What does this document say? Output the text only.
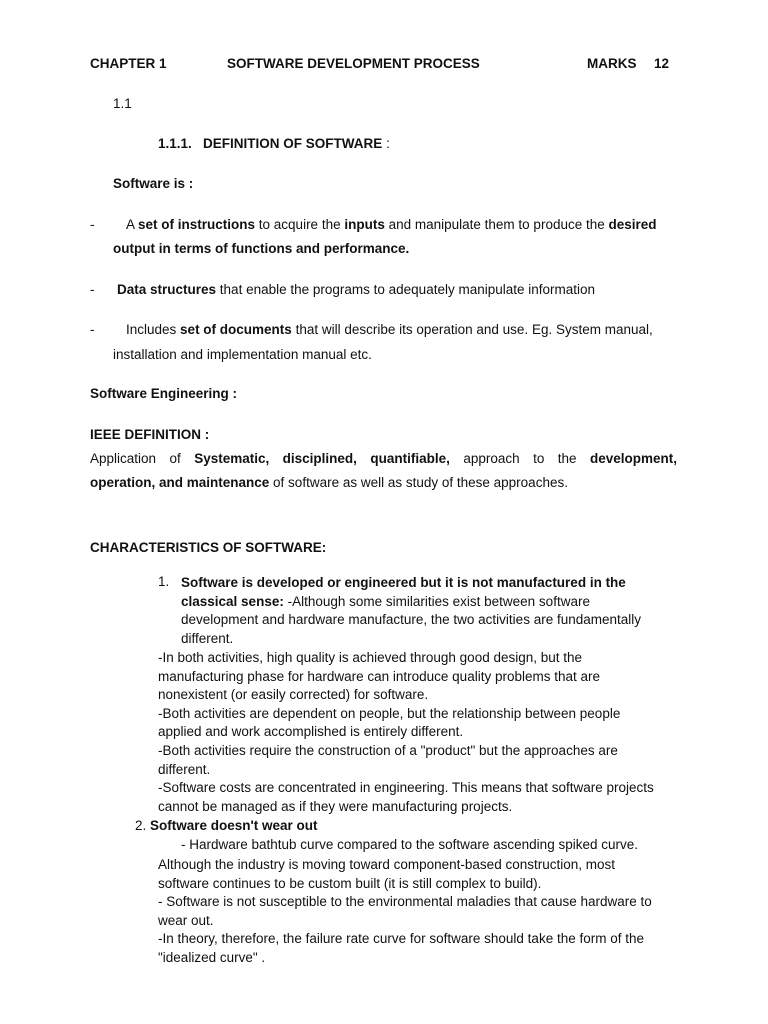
CHAPTER 1	SOFTWARE DEVELOPMENT PROCESS	MARKS 12
1.1
1.1.1. DEFINITION OF SOFTWARE :
Software is :
- A set of instructions to acquire the inputs and manipulate them to produce the desired
output in terms of functions and performance.
- Data structures that enable the programs to adequately manipulate information
- Includes set of documents that will describe its operation and use. Eg. System manual,
installation and implementation manual etc.
Software Engineering :
IEEE DEFINITION :
Application of Systematic, disciplined, quantifiable, approach to the development,
operation, and maintenance of software as well as study of these approaches.
CHARACTERISTICS OF SOFTWARE:
1. Software is developed or engineered but it is not manufactured in the
classical sense: -Although some similarities exist between software
development and hardware manufacture, the two activities are fundamentally
different.
-In both activities, high quality is achieved through good design, but the
manufacturing phase for hardware can introduce quality problems that are
nonexistent (or easily corrected) for software.
-Both activities are dependent on people, but the relationship between people
applied and work accomplished is entirely different.
-Both activities require the construction of a "product" but the approaches are
different.
-Software costs are concentrated in engineering. This means that software projects
cannot be managed as if they were manufacturing projects.
2. Software doesn't wear out
- Hardware bathtub curve compared to the software ascending spiked curve.
Although the industry is moving toward component-based construction, most
software continues to be custom built (it is still complex to build).
- Software is not susceptible to the environmental maladies that cause hardware to
wear out.
-In theory, therefore, the failure rate curve for software should take the form of the
"idealized curve" .
